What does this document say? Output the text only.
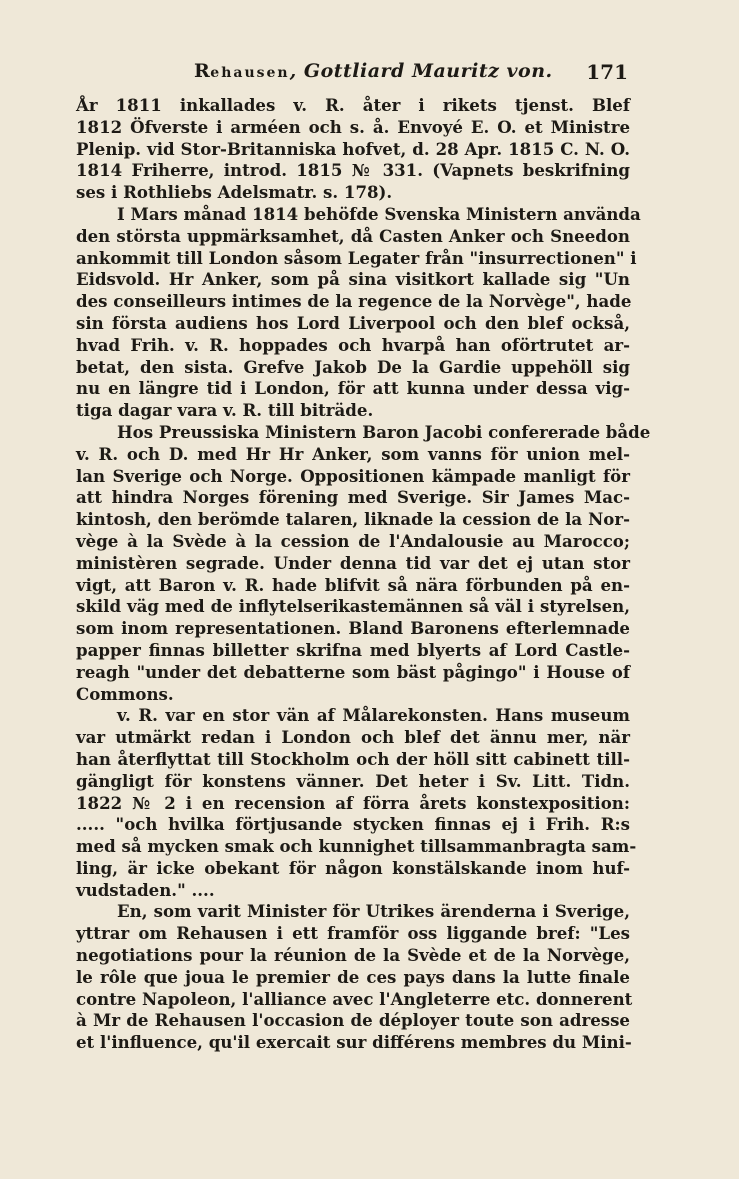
Rehausen, Gottliard Mauritz von. 171
År 1811 inkallades v. R. åter i rikets tjenst. Blef
1812 Öfverste i arméen och s. å. Envoyé E. O. et Ministre
Plenip. vid Stor-Britanniska hofvet, d. 28 Apr. 1815 C. N. O.
1814 Friherre, introd. 1815 № 331. (Vapnets beskrifning
ses i Rothliebs Adelsmatr. s. 178).
I Mars månad 1814 behöfde Svenska Ministern använda
den största uppmärksamhet, då Casten Anker och Sneedon
ankommit till London såsom Legater från "insurrectionen" i
Eidsvold. Hr Anker, som på sina visitkort kallade sig "Un
des conseilleurs intimes de la regence de la Norvège", hade
sin första audiens hos Lord Liverpool och den blef också,
hvad Frih. v. R. hoppades och hvarpå han oförtrutet ar-
betat, den sista. Grefve Jakob De la Gardie uppehöll sig
nu en längre tid i London, för att kunna under dessa vig-
tiga dagar vara v. R. till biträde.
Hos Preussiska Ministern Baron Jacobi confererade både
v. R. och D. med Hr Hr Anker, som vanns för union mel-
lan Sverige och Norge. Oppositionen kämpade manligt för
att hindra Norges förening med Sverige. Sir James Mac-
kintosh, den berömde talaren, liknade la cession de la Nor-
vège à la Svède à la cession de l'Andalousie au Marocco;
ministèren segrade. Under denna tid var det ej utan stor
vigt, att Baron v. R. hade blifvit så nära förbunden på en-
skild väg med de inflytelserikastemännen så väl i styrelsen,
som inom representationen. Bland Baronens efterlemnade
papper finnas billetter skrifna med blyerts af Lord Castle-
reagh "under det debatterne som bäst pågingo" i House of
Commons.
v. R. var en stor vän af Målarekonsten. Hans museum
var utmärkt redan i London och blef det ännu mer, när
han återflyttat till Stockholm och der höll sitt cabinett till-
gängligt för konstens vänner. Det heter i Sv. Litt. Tidn.
1822 № 2 i en recension af förra årets konstexposition:
..... "och hvilka förtjusande stycken finnas ej i Frih. R:s
med så mycken smak och kunnighet tillsammanbragta sam-
ling, är icke obekant för någon konstälskande inom huf-
vudstaden." ....
En, som varit Minister för Utrikes ärenderna i Sverige,
yttrar om Rehausen i ett framför oss liggande bref: "Les
negotiations pour la réunion de la Svède et de la Norvège,
le rôle que joua le premier de ces pays dans la lutte finale
contre Napoleon, l'alliance avec l'Angleterre etc. donnerent
à Mr de Rehausen l'occasion de déployer toute son adresse
et l'influence, qu'il exercait sur différens membres du Mini-
